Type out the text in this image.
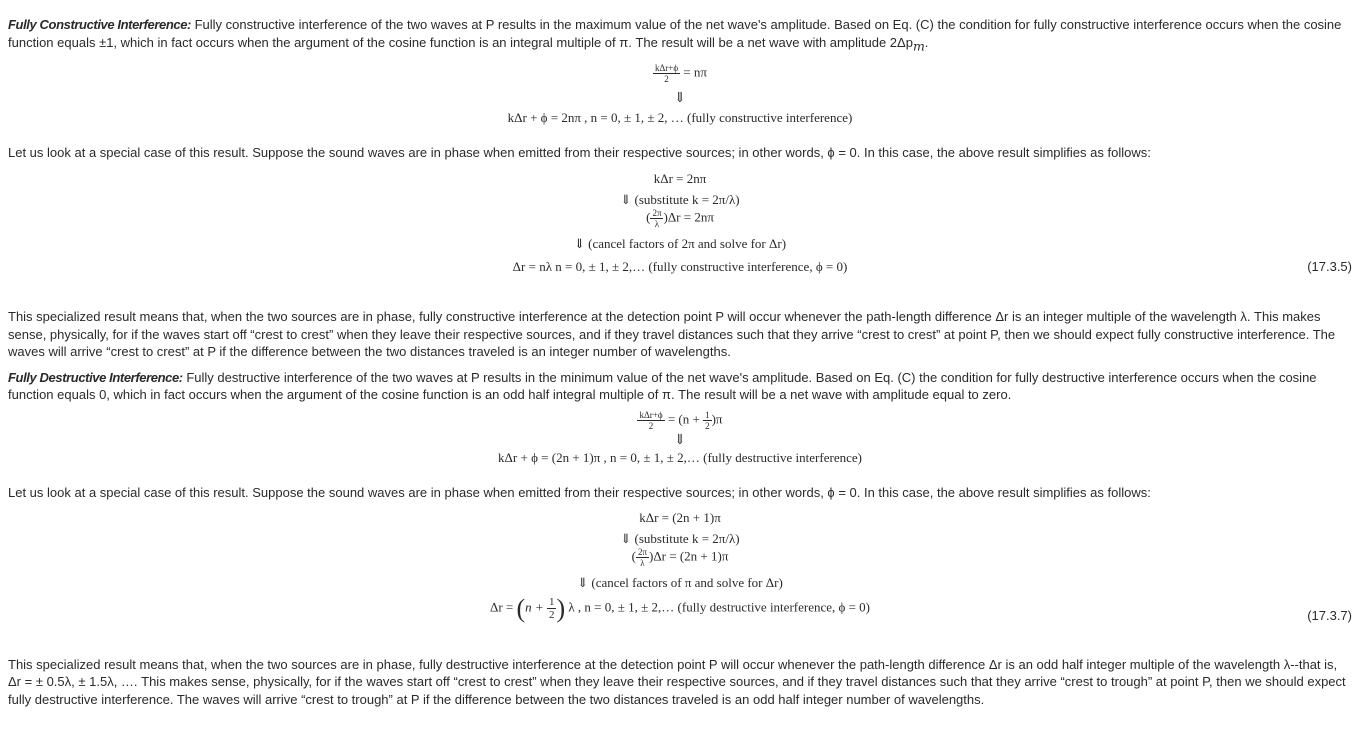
Fully Constructive Interference: Fully constructive interference of the two waves at P results in the maximum value of the net wave's amplitude. Based on Eq. (C) the condition for fully constructive interference occurs when the cosine function equals ±1, which in fact occurs when the argument of the cosine function is an integral multiple of π. The result will be a net wave with amplitude $2\Delta p_m$.

$\frac{\text{kΔr+ϕ}}{2} = n\pi$
⇓
kΔr + ϕ = 2nπ , n = 0, ± 1, ± 2, … (fully constructive interference)

Let us look at a special case of this result. Suppose the sound waves are in phase when emitted from their respective sources; in other words, ϕ = 0. In this case, the above result simplifies as follows:

kΔr = 2nπ
⇓ (substitute k = 2π/λ)
( $\frac{2\pi}{\lambda} )\Delta r = 2n\pi$
⇓ (cancel factors of 2π and solve for Δr)
Δr = nλ n = 0, ± 1, ± 2,… (fully constructive interference, ϕ = 0)	(17.3.5)

This specialized result means that, when the two sources are in phase, fully constructive interference at the detection point P will occur whenever the path-length difference Δr is an integer multiple of the wavelength λ. This makes sense, physically, for if the waves start off “crest to crest” when they leave their respective sources, and if they travel distances such that they arrive “crest to crest” at point P, then we should expect fully constructive interference. The waves will arrive “crest to crest” at P if the difference between the two distances traveled is an integer number of wavelengths.

Fully Destructive Interference: Fully destructive interference of the two waves at P results in the minimum value of the net wave's amplitude. Based on Eq. (C) the condition for fully destructive interference occurs when the cosine function equals 0, which in fact occurs when the argument of the cosine function is an odd half integral multiple of π. The result will be a net wave with amplitude equal to zero.

$\frac{\text{kΔr+ϕ}}{2} = (n + \frac{1}{2} )\pi$
⇓
kΔr + ϕ = (2n + 1)π , n = 0, ± 1, ± 2,… (fully destructive interference)

Let us look at a special case of this result. Suppose the sound waves are in phase when emitted from their respective sources; in other words, ϕ = 0. In this case, the above result simplifies as follows:

kΔr = (2n + 1)π
⇓ (substitute k = 2π/λ)
( $\frac{2\pi}{\lambda} )\Delta r = (2n + 1)\pi$
⇓ (cancel factors of π and solve for Δr)
$\Delta r = (n + \frac{1}{2}$ ) λ , n = 0, ± 1, ± 2,… (fully destructive interference, ϕ = 0)
(17.3.7)

This specialized result means that, when the two sources are in phase, fully destructive interference at the detection point P will occur whenever the path-length difference Δr is an odd half integer multiple of the wavelength λ--that is, Δr = ± 0.5λ, ± 1.5λ, …. This makes sense, physically, for if the waves start off “crest to crest” when they leave their respective sources, and if they travel distances such that they arrive “crest to trough” at point P, then we should expect fully destructive interference. The waves will arrive “crest to trough” at P if the difference between the two distances traveled is an odd half integer number of wavelengths.
